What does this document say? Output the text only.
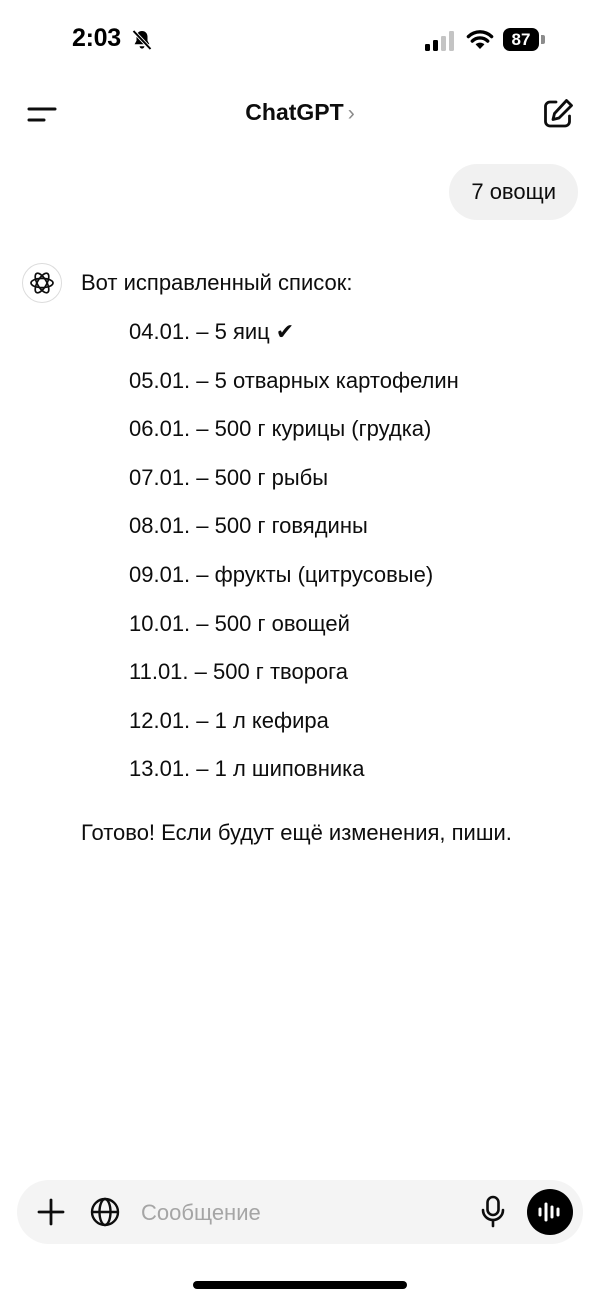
2:03	87
ChatGPT ›
7 овощи
Вот исправленный список:
04.01. – 5 яиц ✔
05.01. – 5 отварных картофелин
06.01. – 500 г курицы (грудка)
07.01. – 500 г рыбы
08.01. – 500 г говядины
09.01. – фрукты (цитрусовые)
10.01. – 500 г овощей
11.01. – 500 г творога
12.01. – 1 л кефира
13.01. – 1 л шиповника
Готово! Если будут ещё изменения, пиши.
Сообщение
